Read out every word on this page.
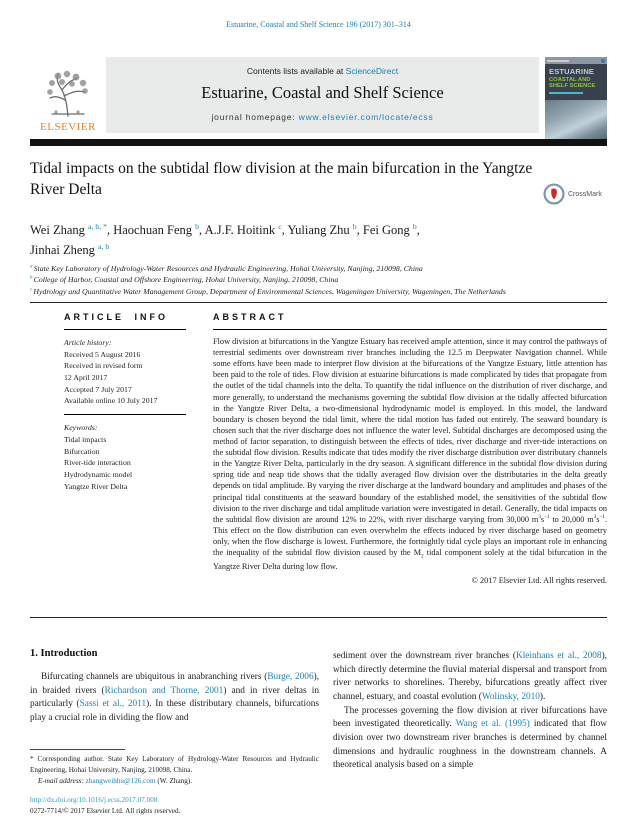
Estuarine, Coastal and Shelf Science 196 (2017) 301–314
ELSEVIER
Contents lists available at ScienceDirect
Estuarine, Coastal and Shelf Science
journal homepage: www.elsevier.com/locate/ecss
ESTUARINE
COASTAL AND
SHELF SCIENCE
Tidal impacts on the subtidal flow division at the main bifurcation in the Yangtze River Delta	CrossMark
Wei Zhang $^{a, b, *}$, Haochuan Feng $^b$, A.J.F. Hoitink $^c$, Yuliang Zhu $^b$, Fei Gong $^b$,
Jinhai Zheng $^{a, b}$
$^a$ State Key Laboratory of Hydrology-Water Resources and Hydraulic Engineering, Hohai University, Nanjing, 210098, China
$^b$ College of Harbor, Coastal and Offshore Engineering, Hohai University, Nanjing, 210098, China
$^c$ Hydrology and Quantitative Water Management Group, Department of Environmental Sciences, Wageningen University, Wageningen, The Netherlands
ARTICLE INFO
Article history:
Received 5 August 2016
Received in revised form
12 April 2017
Accepted 7 July 2017
Available online 10 July 2017
Keywords:
Tidal impacts
Bifurcation
River-tide interaction
Hydrodynamic model
Yangtze River Delta
ABSTRACT
Flow division at bifurcations in the Yangtze Estuary has received ample attention, since it may control the pathways of terrestrial sediments over downstream river branches including the 12.5 m Deepwater Navigation channel. While some efforts have been made to interpret flow division at the bifurcations of the Yangtze Estuary, little attention has been paid to the role of tides. Flow division at estuarine bifurcations is made complicated by tides that propagate from the outlet of the tidal channels into the delta. To quantify the tidal influence on the distribution of river discharge, and more generally, to understand the mechanisms governing the subtidal flow division at the tidally affected bifurcation in the Yangtze River Delta, a two-dimensional hydrodynamic model is employed. In this model, the landward boundary is chosen beyond the tidal limit, where the tidal motion has faded out entirely. The seaward boundary is chosen such that the river discharge does not influence the water level. Subtidal discharges are decomposed using the method of factor separation, to distinguish between the effects of tides, river discharge and river-tide interactions on the subtidal flow division. Results indicate that tides modify the river discharge distribution over distributary channels in the Yangtze River Delta, particularly in the dry season. A significant difference in the subtidal flow division during spring tide and neap tide shows that the tidally averaged flow division over the distributaries in the delta greatly depends on tidal amplitude. By varying the river discharge at the landward boundary and amplitudes and phases of the principal tidal constituents at the seaward boundary of the established model, the sensitivities of the subtidal flow division to the river discharge and tidal amplitude variation were investigated in detail. Generally, the tidal impacts on the subtidal flow division are around 12% to 22%, with river discharge varying from 30,000 $m^3s^{-1}$ to 20,000 $m^3s^{-1}$. This effect on the flow distribution can even overwhelm the effects induced by river discharge based on geometry only, when the flow discharge is lowest. Furthermore, the fortnightly tidal cycle plays an important role in enhancing the inequality of the subtidal flow division caused by the $M_2$ tidal component solely at the tidal bifurcation in the Yangtze River Delta during low flow.
© 2017 Elsevier Ltd. All rights reserved.
1. Introduction

Bifurcating channels are ubiquitous in anabranching rivers (Burge, 2006), in braided rivers (Richardson and Thorne, 2001) and in river deltas in particularly (Sassi et al., 2011). In these distributary channels, bifurcations play a crucial role in dividing the flow and

sediment over the downstream river branches (Kleinhans et al., 2008), which directly determine the fluvial material dispersal and transport from river networks to shorelines. Thereby, bifurcations greatly affect river channel, estuary, and coastal evolution (Wolinsky, 2010).

The processes governing the flow division at river bifurcations have been investigated theoretically. Wang et al. (1995) indicated that flow division over two downstream river branches is determined by channel dimensions and hydraulic roughness in the downstream channels. A theoretical analysis based on a simple

* Corresponding author. State Key Laboratory of Hydrology-Water Resources and Hydraulic Engineering, Hohai University, Nanjing, 210098, China.
E-mail address: zhangweihhu@126.com (W. Zhang).
http://dx.doi.org/10.1016/j.ecss.2017.07.008
0272-7714/© 2017 Elsevier Ltd. All rights reserved.
